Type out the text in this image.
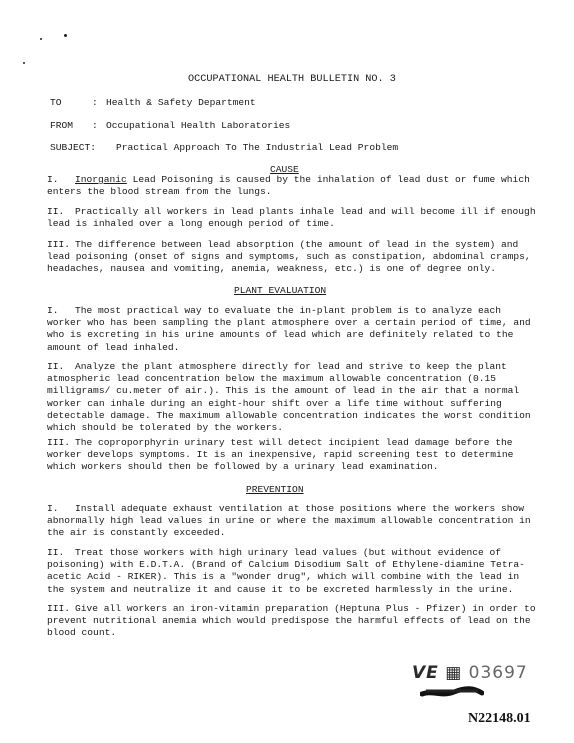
OCCUPATIONAL HEALTH BULLETIN NO. 3
TO	: Health & Safety Department
FROM : Occupational Health Laboratories
SUBJECT: Practical Approach To The Industrial Lead Problem
CAUSE
I. Inorganic Lead Poisoning is caused by the inhalation of lead dust or fume which enters the blood stream from the lungs.
II. Practically all workers in lead plants inhale lead and will become ill if enough lead is inhaled over a long enough period of time.
III. The difference between lead absorption (the amount of lead in the system) and lead poisoning (onset of signs and symptoms, such as constipation, abdominal cramps, headaches, nausea and vomiting, anemia, weakness, etc.) is one of degree only.
PLANT EVALUATION
I. The most practical way to evaluate the in-plant problem is to analyze each worker who has been sampling the plant atmosphere over a certain period of time, and who is excreting in his urine amounts of lead which are definitely related to the amount of lead inhaled.
II. Analyze the plant atmosphere directly for lead and strive to keep the plant atmospheric lead concentration below the maximum allowable concentration (0.15 milligrams/ cu.meter of air.). This is the amount of lead in the air that a normal worker can inhale during an eight-hour shift over a life time without suffering detectable damage. The maximum allowable concentration indicates the worst condition which should be tolerated by the workers.
III. The coproporphyrin urinary test will detect incipient lead damage before the worker develops symptoms. It is an inexpensive, rapid screening test to determine which workers should then be followed by a urinary lead examination.
PREVENTION
I. Install adequate exhaust ventilation at those positions where the workers show abnormally high lead values in urine or where the maximum allowable concentration in the air is constantly exceeded.
II. Treat those workers with high urinary lead values (but without evidence of poisoning) with E.D.T.A. (Brand of Calcium Disodium Salt of Ethylene-diamine Tetra-acetic Acid - RIKER). This is a "wonder drug", which will combine with the lead in the system and neutralize it and cause it to be excreted harmlessly in the urine.
III. Give all workers an iron-vitamin preparation (Heptuna Plus - Pfizer) in order to prevent nutritional anemia which would predispose the harmful effects of lead on the blood count.
VE ▦ 03697
N22148.01
